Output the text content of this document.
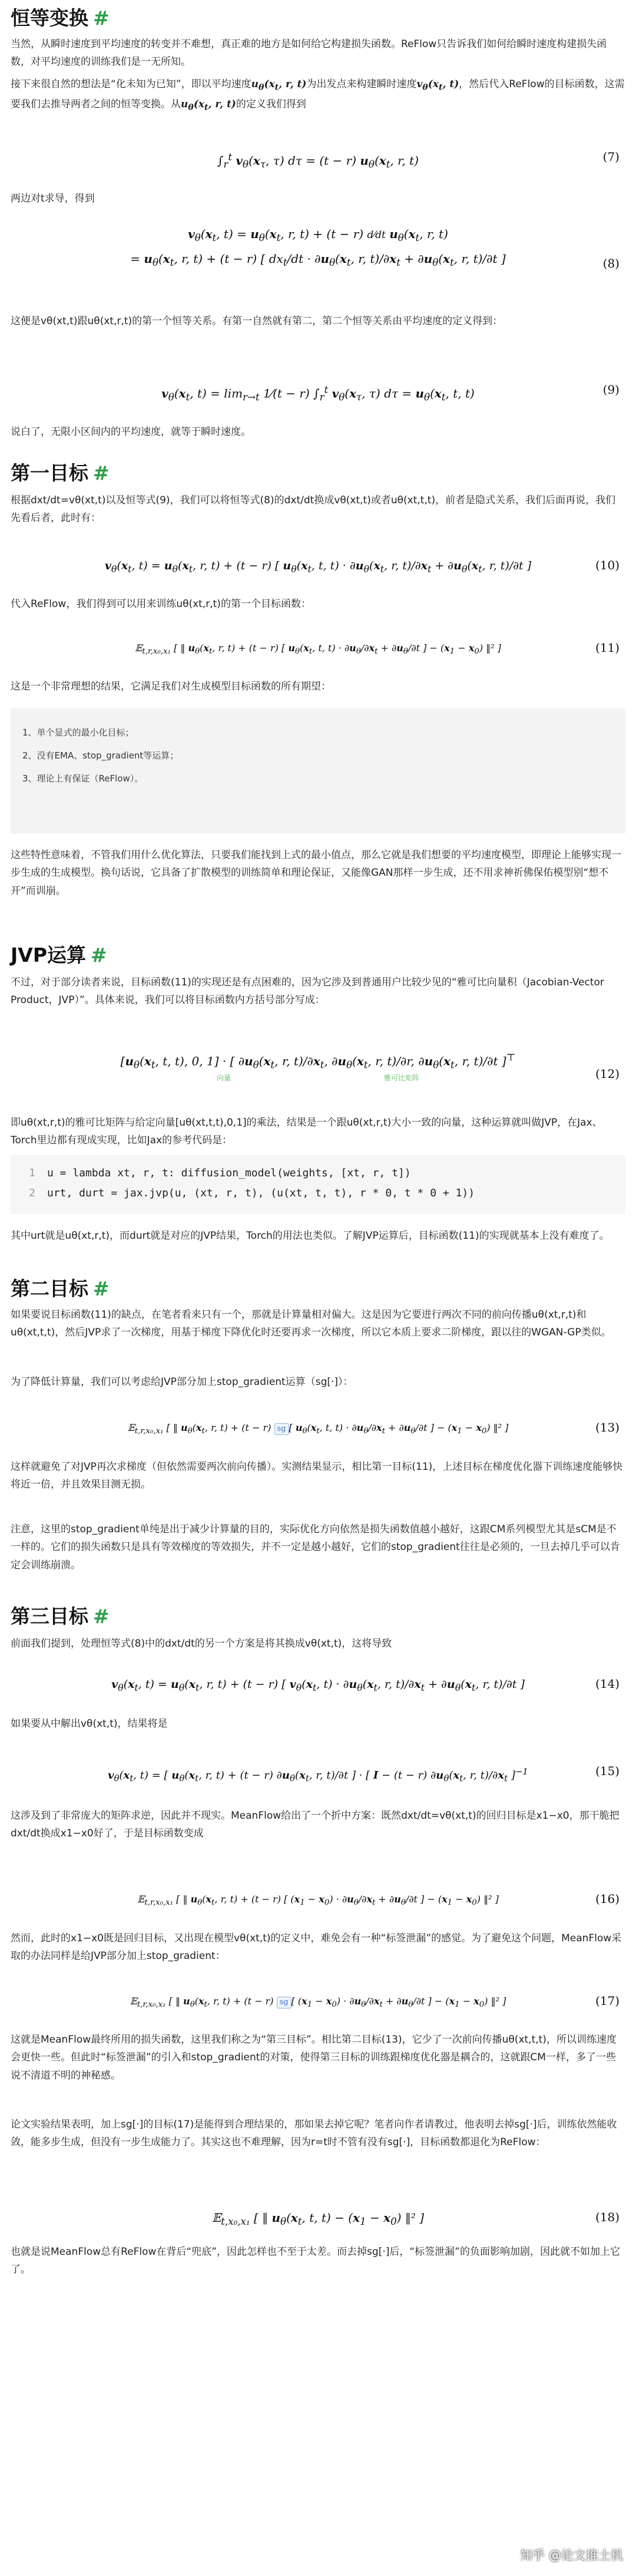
恒等变换 #

当然，从瞬时速度到平均速度的转变并不难想，真正难的地方是如何给它构建损失函数。ReFlow只告诉我们如何给瞬时速度构建损失函数，对平均速度的训练我们是一无所知。

接下来很自然的想法是“化未知为已知”，即以平均速度$u_\theta(x_t$, r, t)为出发点来构建瞬时速度$v_\theta(x_t$, t)，然后代入ReFlow的目标函数，这需要我们去推导两者之间的恒等变换。从$u_\theta(x_t$, r, t)的定义我们得到

$\int_r^t$ $v_\theta(x_\tau$, τ) dτ = (t − r) $u_\theta(x_t$, r, t)	(7)

两边对t求导，得到

$v_\theta(x_t$, $t) = u_\theta(x_t$, r, t) + (t − r) d⁄dt $u_\theta(x_t$, r, t)
= $u_\theta(x_t$, r, t) + (t − r) [ $dx_t/dt \cdot \partial u_\theta(x_t$, r, $t)/\partial x_t + \partial u_\theta(x_t$, r, t)/∂t ]	(8)

这便是vθ(xt,t)跟uθ(xt,r,t)的第一个恒等关系。有第一自然就有第二，第二个恒等关系由平均速度的定义得到：

$v_\theta(x_t$, $t) = \lim_{r\to t}$ 1⁄(t − r) $\int_r^t$ $v_\theta(x_\tau$, τ) $d\tau = u_\theta(x_t$, t, t)	(9)

说白了，无限小区间内的平均速度，就等于瞬时速度。

第一目标 #

根据dxt/dt=vθ(xt,t)以及恒等式(9)，我们可以将恒等式(8)的dxt/dt换成vθ(xt,t)或者uθ(xt,t,t)，前者是隐式关系，我们后面再说，我们先看后者，此时有：

$v_\theta(x_t$, $t) = u_\theta(x_t$, r, t) + (t − r) [ $u_\theta(x_t$, t, $t) \cdot \partial u_\theta(x_t$, r, $t)/\partial x_t + \partial u_\theta(x_t$, r, t)/∂t ]	(10)

代入ReFlow，我们得到可以用来训练uθ(xt,r,t)的第一个目标函数：

𝔼$_{t,r,x_0,x_1}$ [ ‖ $u_\theta(x_t$, r, t) + (t − r) [ $u_\theta(x_t$, t, $t) \cdot \partial u_\theta/\partial x_t + \partial u_\theta/\partial t$ ] − $(x_1 - x_0)$ ‖² ]	(11)

这是一个非常理想的结果，它满足我们对生成模型目标函数的所有期望：

1、单个显式的最小化目标；
2、没有EMA、stop_gradient等运算；
3、理论上有保证（ReFlow）。

这些特性意味着，不管我们用什么优化算法，只要我们能找到上式的最小值点，那么它就是我们想要的平均速度模型，即理论上能够实现一步生成的生成模型。换句话说，它具备了扩散模型的训练简单和理论保证，又能像GAN那样一步生成，还不用求神祈佛保佑模型别“想不开”而训崩。

JVP运算 #

不过，对于部分读者来说，目标函数(11)的实现还是有点困难的，因为它涉及到普通用户比较少见的“雅可比向量积（Jacobian-Vector Product，JVP）”。具体来说，我们可以将目标函数内方括号部分写成：

[$u_\theta(x_t$, t, t), 0, 1] · [ $\partial u_\theta(x_t$, r, $t)/\partial x_t$, $\partial u_\theta(x_t$, r, t)/∂r, $\partial u_\theta(x_t$, r, t)/∂t ]⊤
向量	雅可比矩阵	(12)

即uθ(xt,r,t)的雅可比矩阵与给定向量[uθ(xt,t,t),0,1]的乘法，结果是一个跟uθ(xt,r,t)大小一致的向量，这种运算就叫做JVP，在Jax、Torch里边都有现成实现，比如Jax的参考代码是：

1 u = lambda xt, r, t: diffusion_model(weights, [xt, r, t])
2 urt, durt = jax.jvp(u, (xt, r, t), (u(xt, t, t), r * 0, t * 0 + 1))

其中urt就是uθ(xt,r,t)，而durt就是对应的JVP结果，Torch的用法也类似。了解JVP运算后，目标函数(11)的实现就基本上没有难度了。

第二目标 #

如果要说目标函数(11)的缺点，在笔者看来只有一个，那就是计算量相对偏大。这是因为它要进行两次不同的前向传播uθ(xt,r,t)和uθ(xt,t,t)，然后JVP求了一次梯度，用基于梯度下降优化时还要再求一次梯度，所以它本质上要求二阶梯度，跟以往的WGAN-GP类似。

为了降低计算量，我们可以考虑给JVP部分加上stop_gradient运算（sg[·]）：

𝔼$_{t,r,x_0,x_1}$ [ ‖ $u_\theta(x_t$, r, t) + (t − r) sg [ $u_\theta(x_t$, t, $t) \cdot \partial u_\theta/\partial x_t + \partial u_\theta/\partial t$ ] − $(x_1 - x_0)$ ‖² ]	(13)

这样就避免了对JVP再次求梯度（但依然需要两次前向传播）。实测结果显示，相比第一目标(11)，上述目标在梯度优化器下训练速度能够快将近一倍，并且效果目测无损。

注意，这里的stop_gradient单纯是出于减少计算量的目的，实际优化方向依然是损失函数值越小越好，这跟CM系列模型尤其是sCM是不一样的。它们的损失函数只是具有等效梯度的等效损失，并不一定是越小越好，它们的stop_gradient往往是必须的，一旦去掉几乎可以肯定会训练崩溃。

第三目标 #

前面我们提到，处理恒等式(8)中的dxt/dt的另一个方案是将其换成vθ(xt,t)，这将导致

$v_\theta(x_t$, $t) = u_\theta(x_t$, r, t) + (t − r) [ $v_\theta(x_t$, $t) \cdot \partial u_\theta(x_t$, r, $t)/\partial x_t + \partial u_\theta(x_t$, r, t)/∂t ]	(14)

如果要从中解出vθ(xt,t)，结果将是

$v_\theta(x_t$, t) = [ $u_\theta(x_t$, r, t) + (t − r) $\partial u_\theta(x_t$, r, t)/∂t ] · [ I − (t − r) $\partial u_\theta(x_t$, r, $t)/\partial x_t$ ]$^{-1}$	(15)

这涉及到了非常庞大的矩阵求逆，因此并不现实。MeanFlow给出了一个折中方案：既然dxt/dt=vθ(xt,t)的回归目标是x1−x0，那干脆把dxt/dt换成x1−x0好了，于是目标函数变成

𝔼$_{t,r,x_0,x_1}$ [ ‖ $u_\theta(x_t$, r, t) + (t − r) [ $(x_1 - x_0) \cdot \partial u_\theta/\partial x_t + \partial u_\theta/\partial t$ ] − $(x_1 - x_0)$ ‖² ]	(16)

然而，此时的x1−x0既是回归目标，又出现在模型vθ(xt,t)的定义中，难免会有一种“标签泄漏”的感觉。为了避免这个问题，MeanFlow采取的办法同样是给JVP部分加上stop_gradient：

𝔼$_{t,r,x_0,x_1}$ [ ‖ $u_\theta(x_t$, r, t) + (t − r) sg [ $(x_1 - x_0) \cdot \partial u_\theta/\partial x_t + \partial u_\theta/\partial t$ ] − $(x_1 - x_0)$ ‖² ]	(17)

这就是MeanFlow最终所用的损失函数，这里我们称之为“第三目标”。相比第二目标(13)，它少了一次前向传播uθ(xt,t,t)，所以训练速度会更快一些。但此时“标签泄漏”的引入和stop_gradient的对策，使得第三目标的训练跟梯度优化器是耦合的，这就跟CM一样，多了一些说不清道不明的神秘感。

论文实验结果表明，加上sg[·]的目标(17)是能得到合理结果的，那如果去掉它呢？笔者向作者请教过，他表明去掉sg[·]后，训练依然能收敛，能多步生成，但没有一步生成能力了。其实这也不难理解，因为r=t时不管有没有sg[·]，目标函数都退化为ReFlow：

𝔼$_{t,x_0,x_1}$ [ ‖ $u_\theta(x_t$, t, $t) - (x_1 - x_0)$ ‖² ]	(18)

也就是说MeanFlow总有ReFlow在背后“兜底”，因此怎样也不至于太差。而去掉sg[·]后，“标签泄漏”的负面影响加剧，因此就不如加上它了。

知乎 @论文推土机
